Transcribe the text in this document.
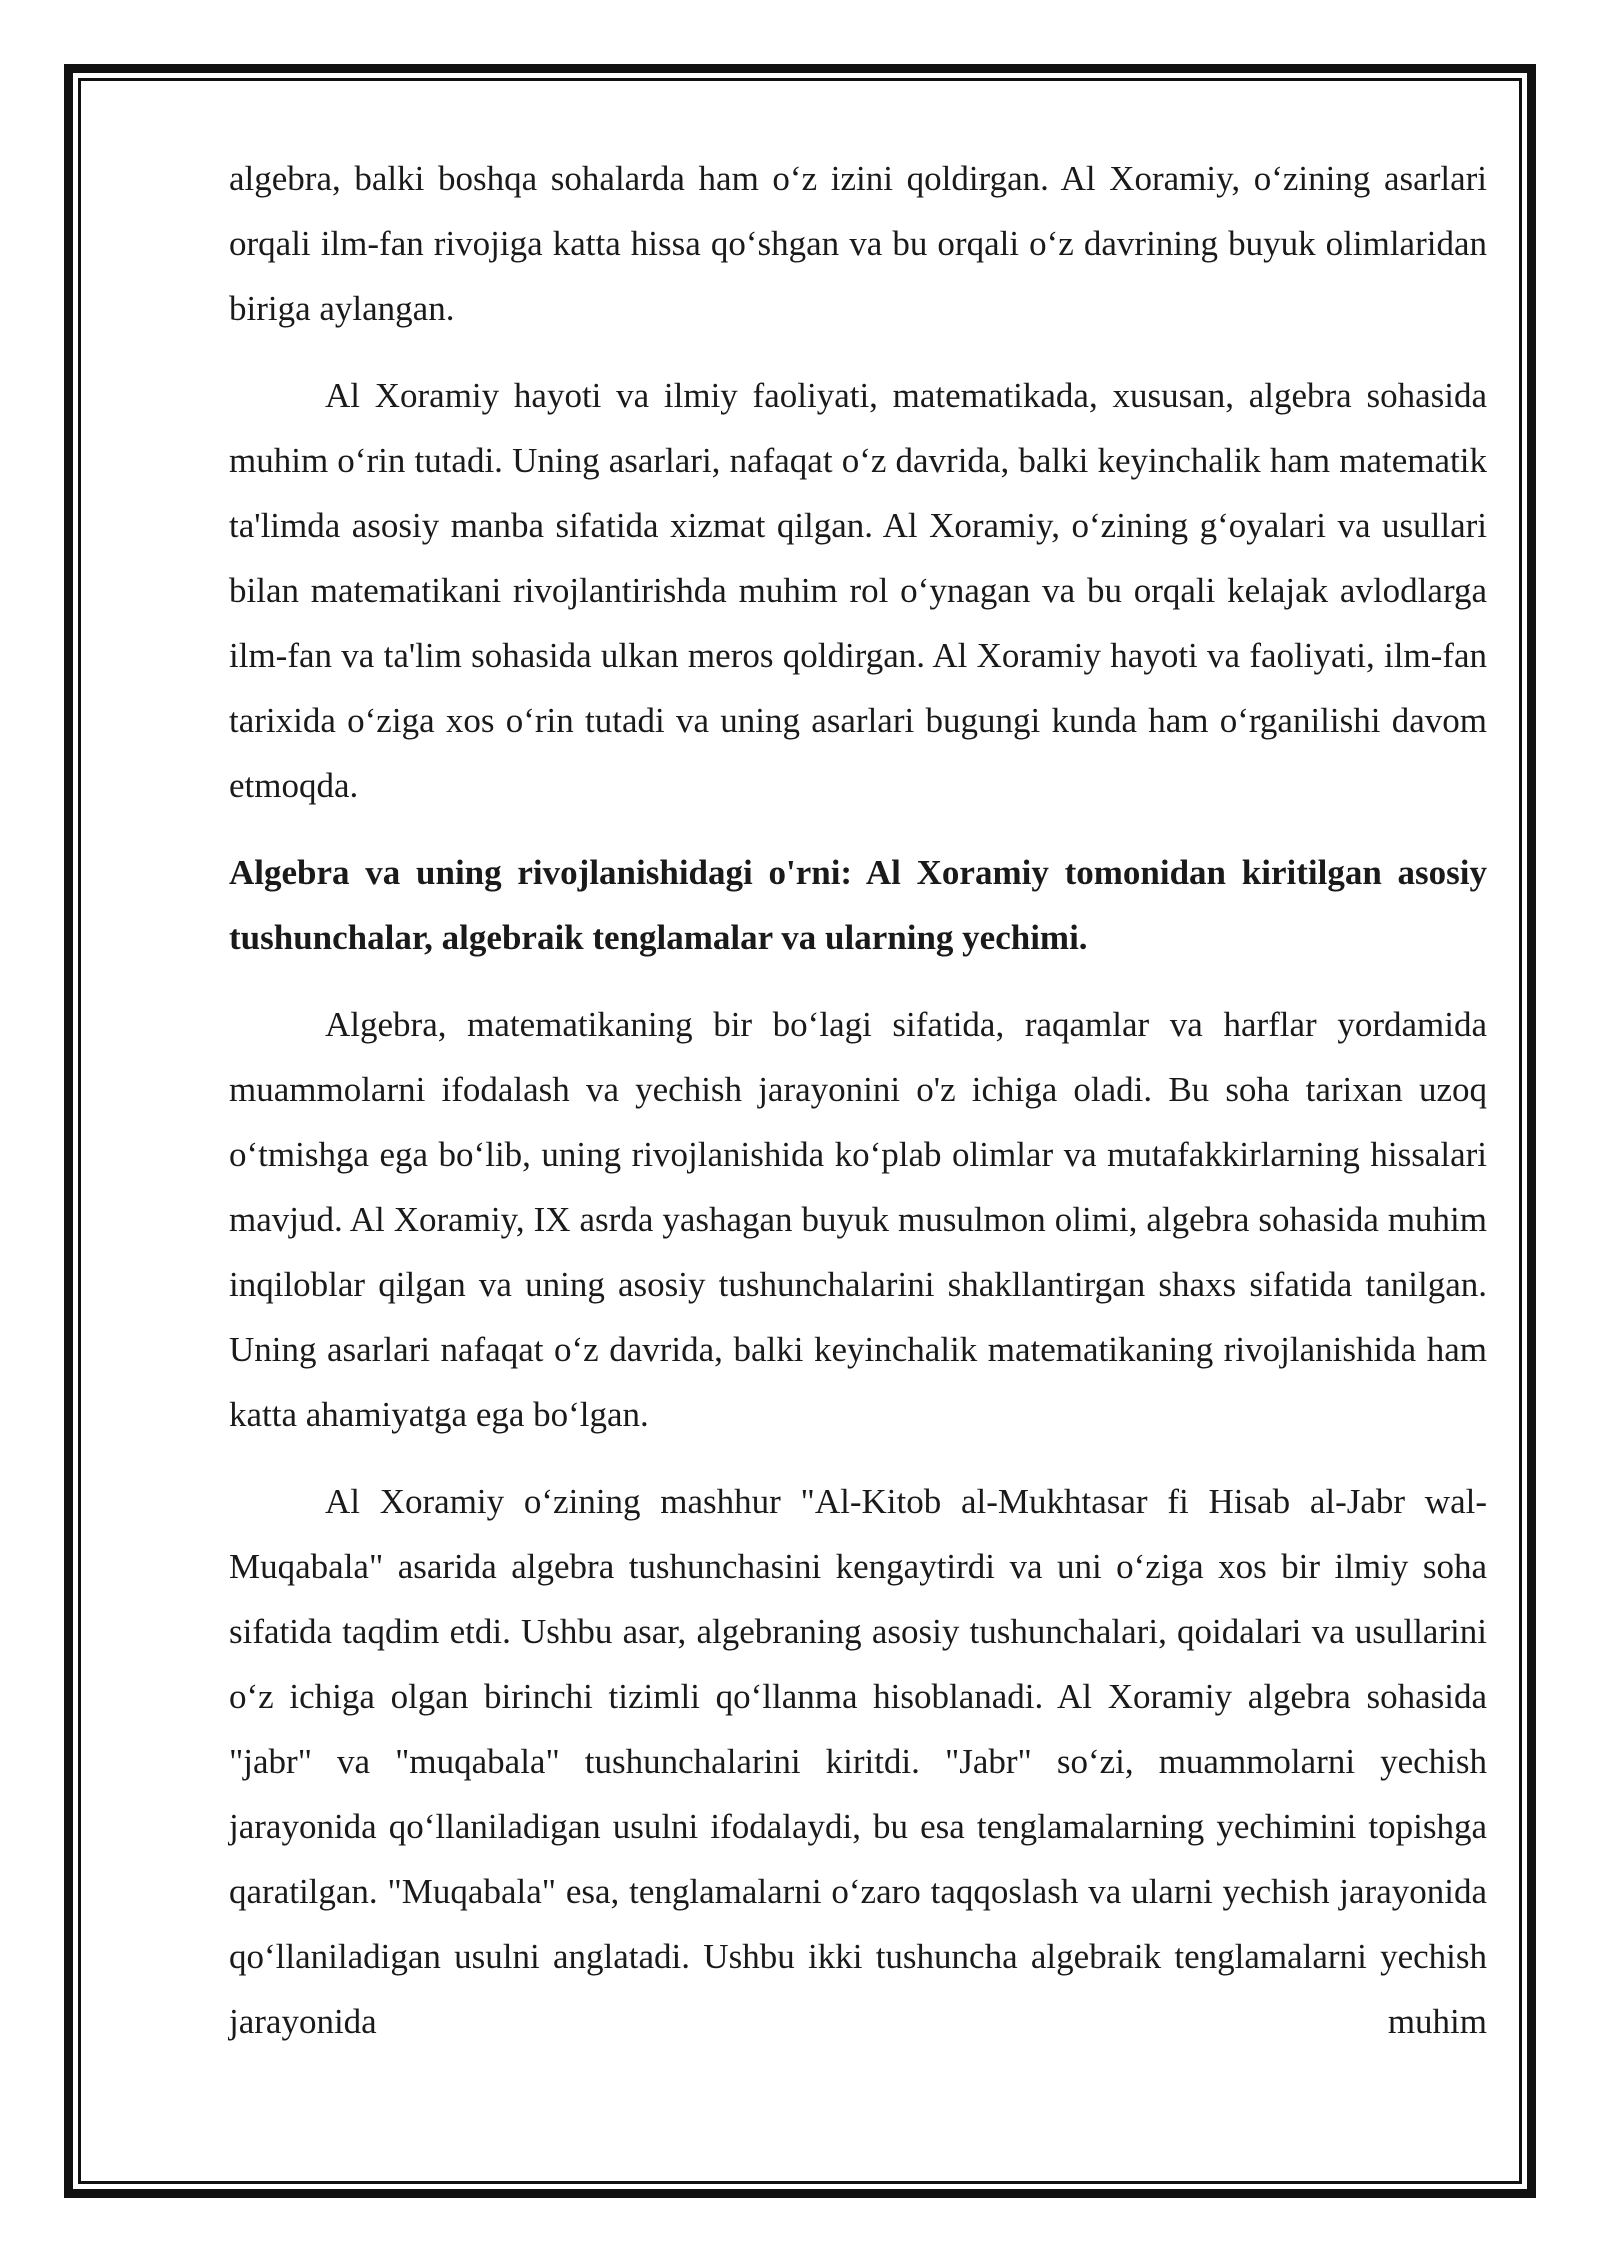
algebra, balki boshqa sohalarda ham o‘z izini qoldirgan. Al Xoramiy, o‘zining asarlari orqali ilm-fan rivojiga katta hissa qo‘shgan va bu orqali o‘z davrining buyuk olimlaridan biriga aylangan.

Al Xoramiy hayoti va ilmiy faoliyati, matematikada, xususan, algebra sohasida muhim o‘rin tutadi. Uning asarlari, nafaqat o‘z davrida, balki keyinchalik ham matematik ta'limda asosiy manba sifatida xizmat qilgan. Al Xoramiy, o‘zining g‘oyalari va usullari bilan matematikani rivojlantirishda muhim rol o‘ynagan va bu orqali kelajak avlodlarga ilm-fan va ta'lim sohasida ulkan meros qoldirgan. Al Xoramiy hayoti va faoliyati, ilm-fan tarixida o‘ziga xos o‘rin tutadi va uning asarlari bugungi kunda ham o‘rganilishi davom etmoqda.

Algebra va uning rivojlanishidagi o'rni: Al Xoramiy tomonidan kiritilgan asosiy tushunchalar, algebraik tenglamalar va ularning yechimi.

Algebra, matematikaning bir bo‘lagi sifatida, raqamlar va harflar yordamida muammolarni ifodalash va yechish jarayonini o'z ichiga oladi. Bu soha tarixan uzoq o‘tmishga ega bo‘lib, uning rivojlanishida ko‘plab olimlar va mutafakkirlarning hissalari mavjud. Al Xoramiy, IX asrda yashagan buyuk musulmon olimi, algebra sohasida muhim inqiloblar qilgan va uning asosiy tushunchalarini shakllantirgan shaxs sifatida tanilgan. Uning asarlari nafaqat o‘z davrida, balki keyinchalik matematikaning rivojlanishida ham katta ahamiyatga ega bo‘lgan.

Al Xoramiy o‘zining mashhur "Al-Kitob al-Mukhtasar fi Hisab al-Jabr wal-Muqabala" asarida algebra tushunchasini kengaytirdi va uni o‘ziga xos bir ilmiy soha sifatida taqdim etdi. Ushbu asar, algebraning asosiy tushunchalari, qoidalari va usullarini o‘z ichiga olgan birinchi tizimli qo‘llanma hisoblanadi. Al Xoramiy algebra sohasida "jabr" va "muqabala" tushunchalarini kiritdi. "Jabr" so‘zi, muammolarni yechish jarayonida qo‘llaniladigan usulni ifodalaydi, bu esa tenglamalarning yechimini topishga qaratilgan. "Muqabala" esa, tenglamalarni o‘zaro taqqoslash va ularni yechish jarayonida qo‘llaniladigan usulni anglatadi. Ushbu ikki tushuncha algebraik tenglamalarni yechish jarayonida muhim
